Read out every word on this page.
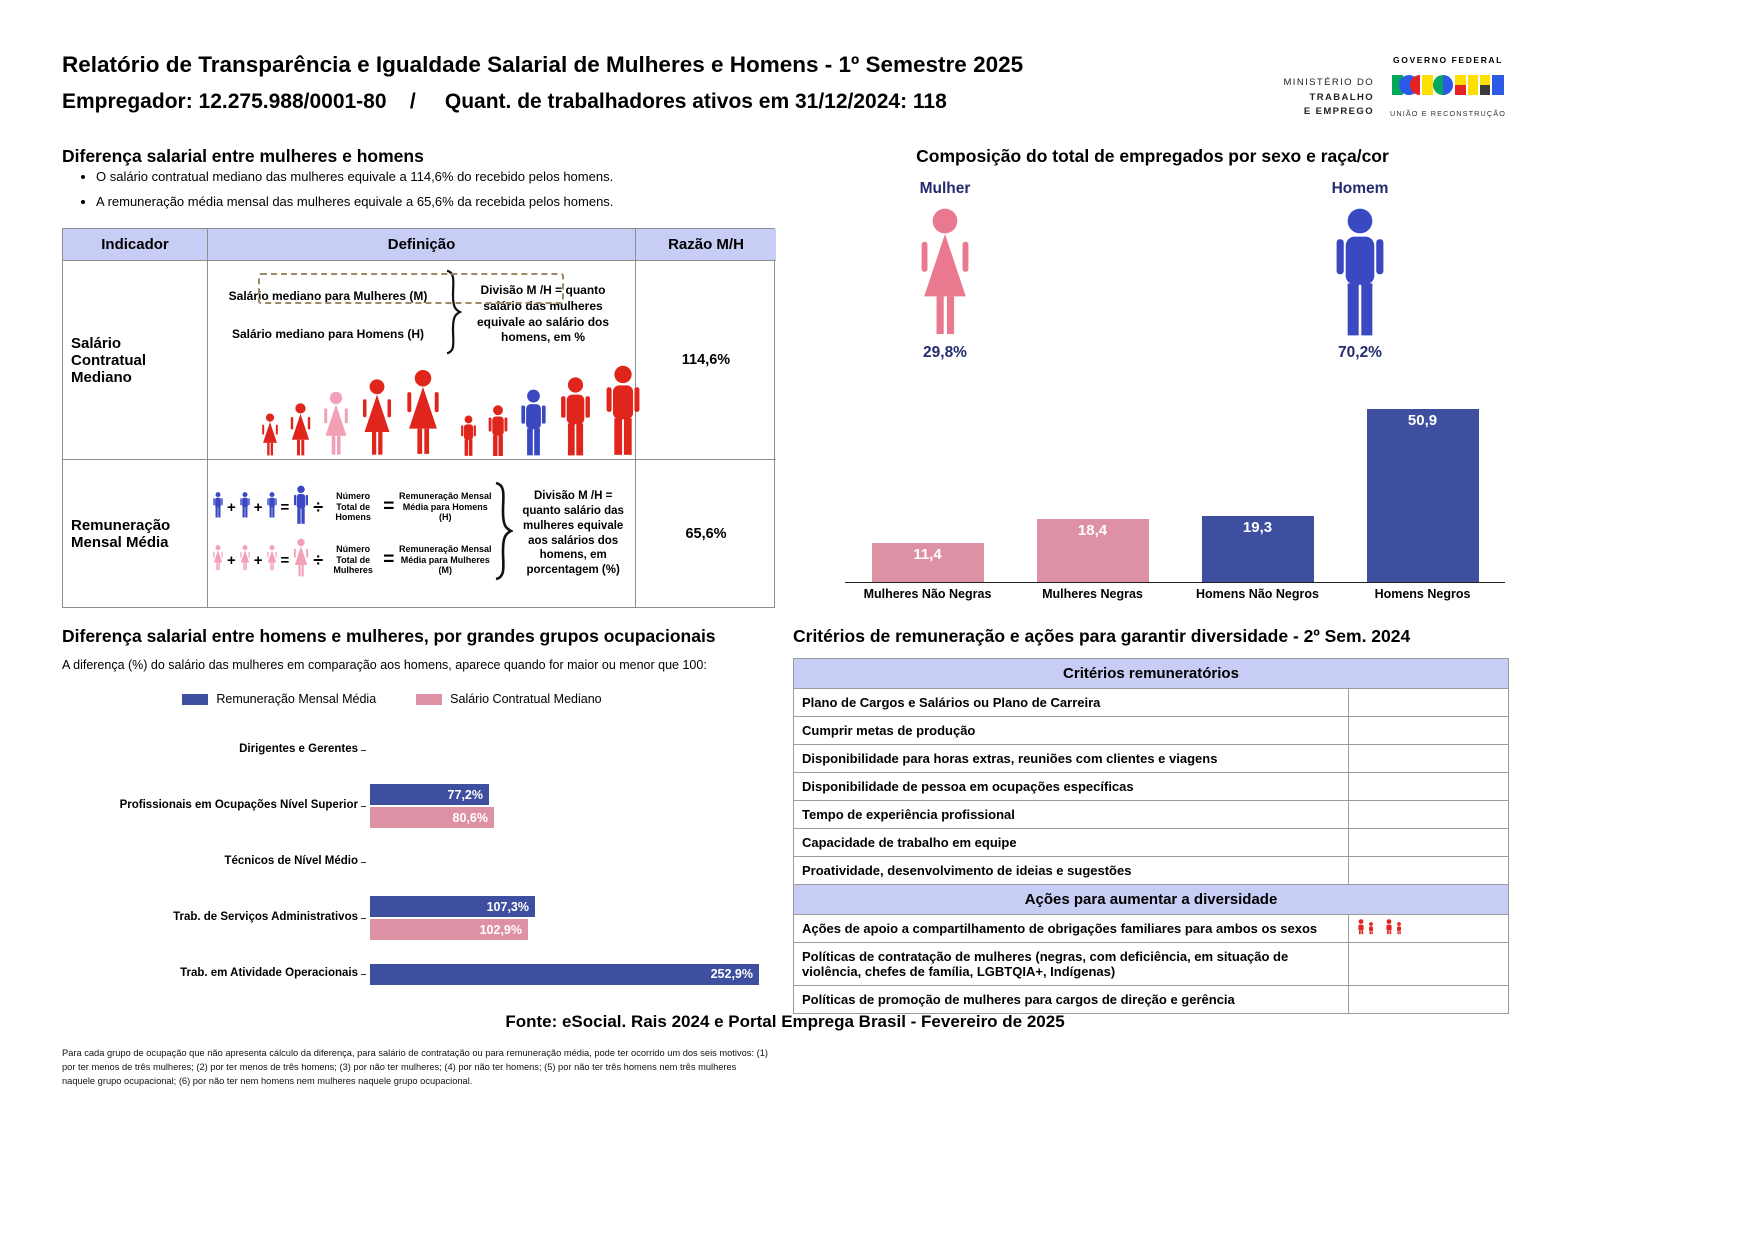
Relatório de Transparência e Igualdade Salarial de Mulheres e Homens - 1º Semestre 2025
Empregador: 12.275.988/0001-80    /     Quant. de trabalhadores ativos em 31/12/2024: 118
MINISTÉRIO DO
TRABALHO
E EMPREGO
GOVERNO FEDERAL
UNIÃO E RECONSTRUÇÃO
Diferença salarial entre mulheres e homens
• O salário contratual mediano das mulheres equivale a 114,6% do recebido pelos homens.
• A remuneração média mensal das mulheres equivale a 65,6% da recebida pelos homens.
Indicador	Definição	Razão M/H
Salário Contratual Mediano
Salário mediano para Mulheres (M)
Salário mediano para Homens (H)
Divisão M /H = quanto salário das mulheres equivale ao salário dos homens, em %
114,6%
Remuneração Mensal Média
+ + = ÷
Número Total de Homens
=
Remuneração Mensal Média para Homens (H)
+ + = ÷
Número Total de Mulheres
=
Remuneração Mensal Média para Mulheres (M)
Divisão M /H = quanto salário das mulheres equivale aos salários dos homens, em porcentagem (%)
65,6%
Composição do total de empregados por sexo e raça/cor
Mulher
29,8%
Homem
70,2%
11,4
18,4	19,3
50,9
Mulheres Não Negras	Mulheres Negras	Homens Não Negros	Homens Negros
Diferença salarial entre homens e mulheres, por grandes grupos ocupacionais
A diferença (%) do salário das mulheres em comparação aos homens, aparece quando for maior ou menor que 100:
Remuneração Mensal Média	Salário Contratual Mediano
Dirigentes e Gerentes
Profissionais em Ocupações Nível Superior
77,2%
80,6%
Técnicos de Nível Médio
Trab. de Serviços Administrativos
107,3%
102,9%
Trab. em Atividade Operacionais	252,9%
Para cada grupo de ocupação que não apresenta cálculo da diferença, para salário de contratação ou para remuneração média, pode ter ocorrido um dos seis motivos: (1) por ter menos de três mulheres; (2) por ter menos de três homens; (3) por não ter mulheres; (4) por não ter homens; (5) por não ter três homens nem três mulheres naquele grupo ocupacional; (6) por não ter nem homens nem mulheres naquele grupo ocupacional.
Critérios de remuneração e ações para garantir diversidade - 2º Sem. 2024
Critérios remuneratórios	
Plano de Cargos e Salários ou Plano de Carreira	
Cumprir metas de produção	
Disponibilidade para horas extras, reuniões com clientes e viagens	
Disponibilidade de pessoa em ocupações específicas	
Tempo de experiência profissional	
Capacidade de trabalho em equipe	
Proatividade, desenvolvimento de ideias e sugestões	
Ações para aumentar a diversidade	
Ações de apoio a compartilhamento de obrigações familiares para ambos os sexos	
Políticas de contratação de mulheres (negras, com deficiência, em situação de violência, chefes de família, LGBTQIA+, Indígenas)	
Políticas de promoção de mulheres para cargos de direção e gerência	
Fonte: eSocial. Rais 2024 e Portal Emprega Brasil - Fevereiro de 2025
